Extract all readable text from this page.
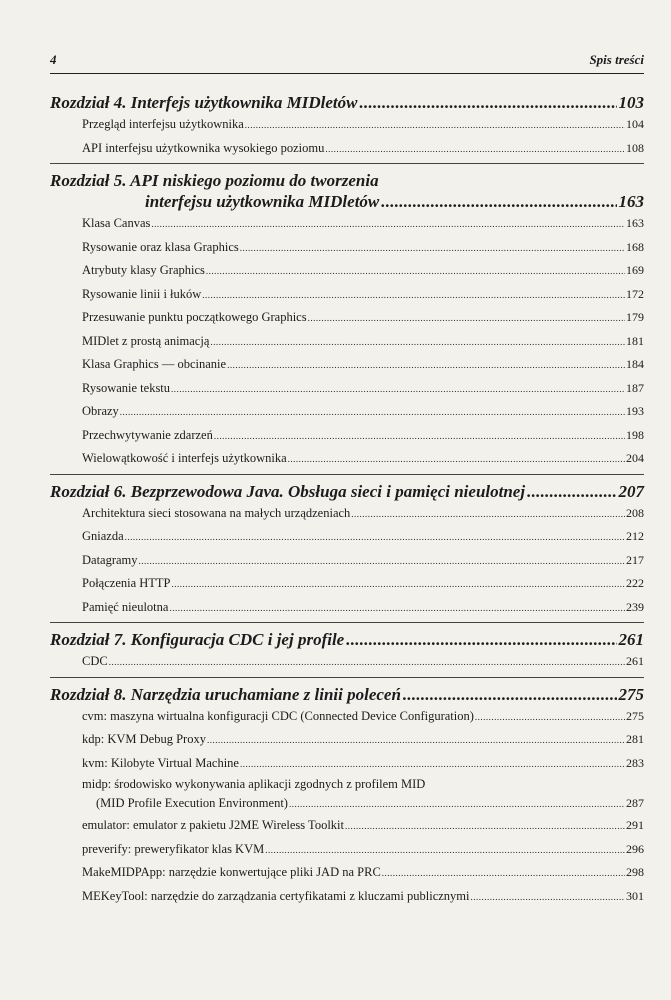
4	Spis treści
Rozdział 4. Interfejs użytkownika MIDletów . . .	103
Przegląd interfejsu użytkownika .....	104
API interfejsu użytkownika wysokiego poziomu .....	108
Rozdział 5. API niskiego poziomu do tworzenia
interfejsu użytkownika MIDletów . . .	163
Klasa Canvas .....	163
Rysowanie oraz klasa Graphics .....	168
Atrybuty klasy Graphics .....	169
Rysowanie linii i łuków .....	172
Przesuwanie punktu początkowego Graphics .....	179
MIDlet z prostą animacją .....	181
Klasa Graphics — obcinanie .....	184
Rysowanie tekstu .....	187
Obrazy .....	193
Przechwytywanie zdarzeń .....	198
Wielowątkowość i interfejs użytkownika .....	204
Rozdział 6. Bezprzewodowa Java. Obsługa sieci i pamięci nieulotnej . . .	207
Architektura sieci stosowana na małych urządzeniach .....	208
Gniazda .....	212
Datagramy .....	217
Połączenia HTTP .....	222
Pamięć nieulotna .....	239
Rozdział 7. Konfiguracja CDC i jej profile . . .	261
CDC .....	261
Rozdział 8. Narzędzia uruchamiane z linii poleceń . . .	275
cvm: maszyna wirtualna konfiguracji CDC (Connected Device Configuration) .....	275
kdp: KVM Debug Proxy .....	281
kvm: Kilobyte Virtual Machine .....	283
midp: środowisko wykonywania aplikacji zgodnych z profilem MID
(MID Profile Execution Environment) .....	287
emulator: emulator z pakietu J2ME Wireless Toolkit .....	291
preverify: preweryfikator klas KVM .....	296
MakeMIDPApp: narzędzie konwertujące pliki JAD na PRC .....	298
MEKeyTool: narzędzie do zarządzania certyfikatami z kluczami publicznymi .....	301
